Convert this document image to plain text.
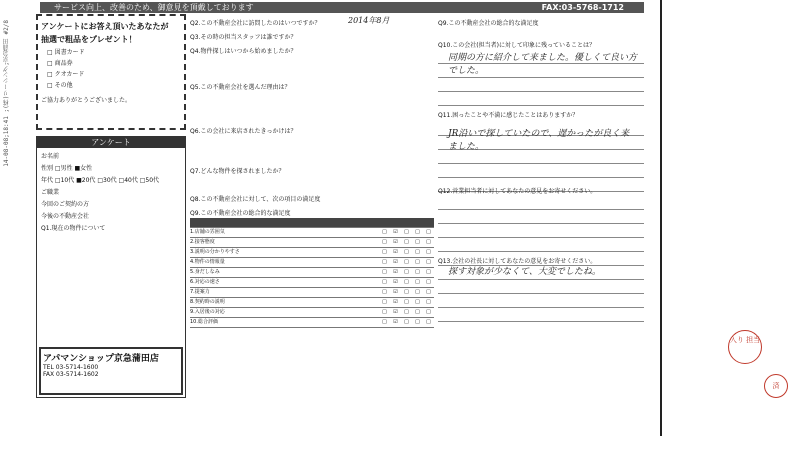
14-08-08;18:41 ;(株)リーシング;京急蒲田 #2/8
サービス向上、改善のため、御意見を頂戴しております	FAX:03-5768-1712
アンケートにお答え頂いたあなたが
抽選で粗品をプレゼント！
□ 図書カード
□ 商品券
□ クオカード
□ その他
ご協力ありがとうございました。
アンケート
お名前
性別 □男性 ■女性
年代 □10代 ■20代 □30代 □40代 □50代
ご職業
今回のご契約の方
今後の不動産会社
Q1.現在の物件について
アパマンショップ京急蒲田店
TEL 03-5714-1600
FAX 03-5714-1602
Q2.この不動産会社に訪問したのはいつですか？	2014年8月
Q3.その時の担当スタッフは誰ですか？
Q4.物件探しはいつから始めましたか？
Q5.この不動産会社を選んだ理由は？
Q6.この会社に来店されたきっかけは？
Q7.どんな物件を探されましたか？
Q8.この不動産会社に対して、次の項目の満足度
Q9.この不動産会社の総合的な満足度
1.店舗の雰囲気	□	☑	□	□	□
2.接客態度	□	☑	□	□	□
3.説明の分かりやすさ	□	☑	□	□	□
4.物件の情報量	□	☑	□	□	□
5.身だしなみ	□	☑	□	□	□
6.対応の速さ	□	☑	□	□	□
7.提案力	□	☑	□	□	□
8.契約時の説明	□	☑	□	□	□
9.入居後の対応	□	☑	□	□	□
10.総合評価	□	☑	□	□	□
Q9.この不動産会社の総合的な満足度
Q10.この会社(担当者)に対して印象に残っていることは？
同期の方に紹介して来ました。優しくて良い方でした。
Q11.困ったことや不満に感じたことはありますか？
JR沿いで探していたので、遅かったが良く来ました。
Q12.営業担当者に対してあなたの意見をお寄せください。
Q13.会社の社長に対してあなたの意見をお寄せください。
探す対象が少なくて、大変でしたね。
入り 担当
済
